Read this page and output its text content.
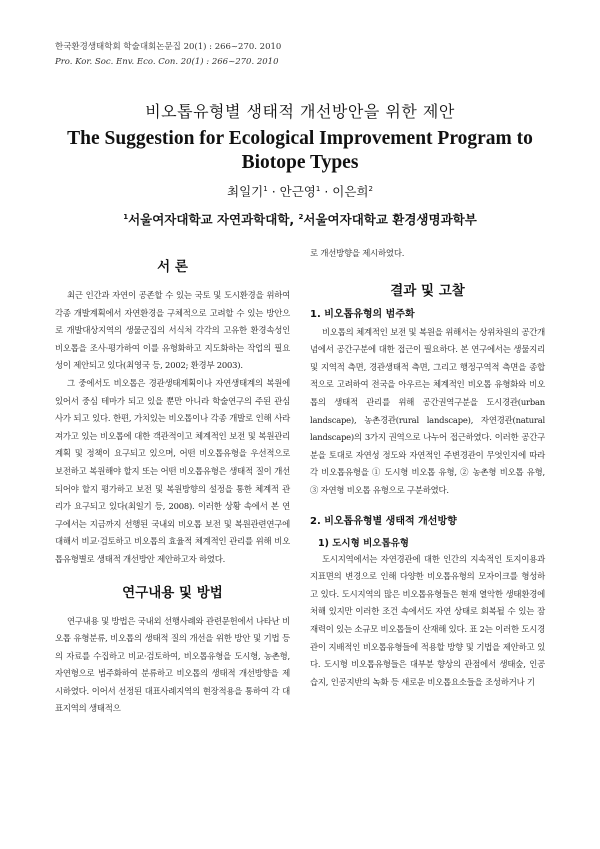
한국환경생태학회 학술대회논문집 20(1) : 266~270. 2010
Pro. Kor. Soc. Env. Eco. Con. 20(1) : 266~270. 2010
비오톱유형별 생태적 개선방안을 위한 제안
The Suggestion for Ecological Improvement Program to Biotope Types
최일기$^1$ · 안근영$^1$ · 이은희$^2$
$^1$서울여자대학교 자연과학대학, $^2$서울여자대학교 환경생명과학부
서 론

최근 인간과 자연이 공존할 수 있는 국토 및 도시환경을 위하여 각종 개발계획에서 자연환경을 구체적으로 고려할 수 있는 방안으로 개발대상지역의 생물군집의 서식처 각각의 고유한 환경속성인 비오톱을 조사·평가하여 이를 유형화하고 지도화하는 작업의 필요성이 제안되고 있다(최영국 등, 2002; 환경부 2003).

그 중에서도 비오톱은 경관생태계획이나 자연생태계의 복원에 있어서 중심 테마가 되고 있을 뿐만 아니라 학술연구의 주된 관심사가 되고 있다. 한편, 가치있는 비오톱이나 각종 개발로 인해 사라져가고 있는 비오톱에 대한 객관적이고 체계적인 보전 및 복원관리계획 및 정책이 요구되고 있으며, 어떤 비오톱유형을 우선적으로 보전하고 복원해야 할지 또는 어떤 비오톱유형은 생태적 질이 개선되어야 할지 평가하고 보전 및 복원방향의 설정을 통한 체계적 관리가 요구되고 있다(최일기 등, 2008). 이러한 상황 속에서 본 연구에서는 지금까지 선행된 국내외 비오톱 보전 및 복원관련연구에 대해서 비교·검토하고 비오톱의 효율적 체계적인 관리를 위해 비오톱유형별로 생태적 개선방안 제안하고자 하였다.

연구내용 및 방법

연구내용 및 방법은 국내외 선행사례와 관련문헌에서 나타난 비오톱 유형분류, 비오톱의 생태적 질의 개선을 위한 방안 및 기법 등의 자료를 수집하고 비교·검토하여, 비오톱유형을 도시형, 농촌형, 자연형으로 범주화하여 분류하고 비오톱의 생태적 개선방향을 제시하였다. 이어서 선정된 대표사례지역의 현장적용을 통하여 각 대표지역의 생태적으

로 개선방향을 제시하였다.

결과 및 고찰
1. 비오톱유형의 범주화

비오톱의 체계적인 보전 및 복원을 위해서는 상위차원의 공간개념에서 공간구분에 대한 접근이 필요하다. 본 연구에서는 생물지리 및 지역적 측면, 경관생태적 측면, 그리고 행정구역적 측면을 종합적으로 고려하여 전국을 아우르는 체계적인 비오톱 유형화와 비오톱의 생태적 관리를 위해 공간권역구분을 도시경관(urban landscape), 농촌경관(rural landscape), 자연경관(natural landscape)의 3가지 권역으로 나누어 접근하였다. 이러한 공간구분을 토대로 자연성 정도와 자연적인 주변경관이 무엇인지에 따라 각 비오톱유형을 ① 도시형 비오톱 유형, ② 농촌형 비오톱 유형, ③ 자연형 비오톱 유형으로 구분하였다.

2. 비오톱유형별 생태적 개선방향
1) 도시형 비오톱유형

도시지역에서는 자연경관에 대한 인간의 지속적인 토지이용과 지표면의 변경으로 인해 다양한 비오톱유형의 모자이크를 형성하고 있다. 도시지역의 많은 비오톱유형들은 현재 열악한 생태환경에 처해 있지만 이러한 조건 속에서도 자연 상태로 회복될 수 있는 잠재력이 있는 소규모 비오톱들이 산재해 있다. 표 2는 이러한 도시경관이 지배적인 비오톱유형들에 적용할 방향 및 기법을 제안하고 있다. 도시형 비오톱유형들은 대부분 향상의 관점에서 생태숲, 인공습지, 인공지반의 녹화 등 새로운 비오톱요소들을 조성하거나 기
